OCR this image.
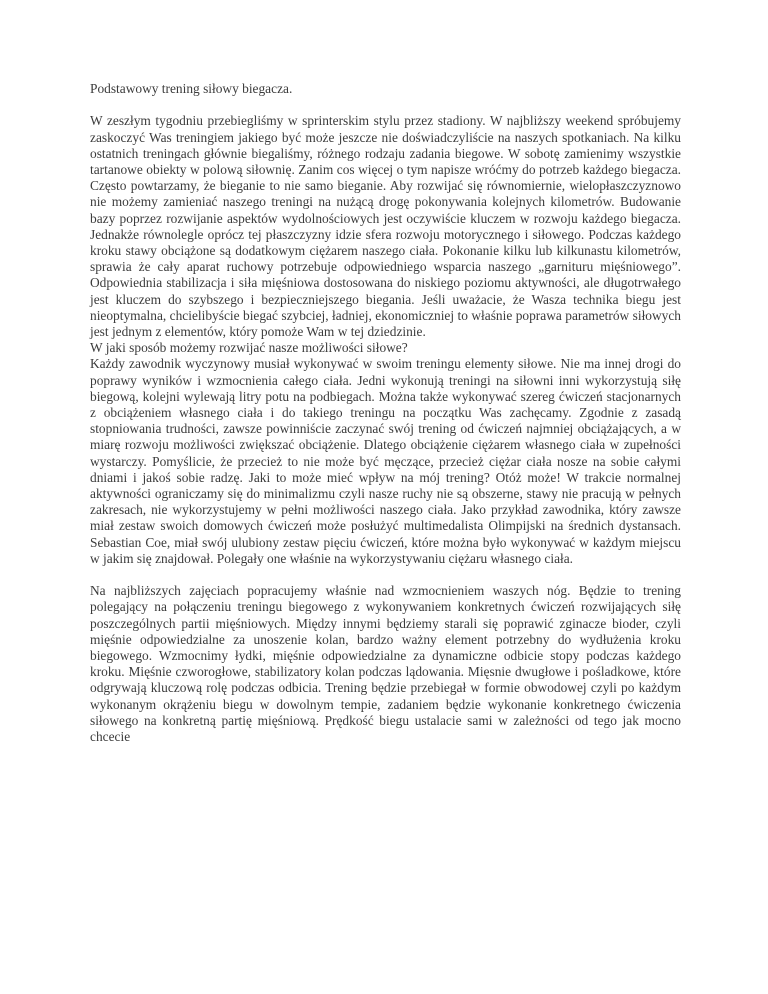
Podstawowy trening siłowy biegacza.

W zeszłym tygodniu przebiegliśmy w sprinterskim stylu przez stadiony. W najbliższy weekend spróbujemy zaskoczyć Was treningiem jakiego być może jeszcze nie doświadczyliście na naszych spotkaniach. Na kilku ostatnich treningach głównie biegaliśmy, różnego rodzaju zadania biegowe. W sobotę zamienimy wszystkie tartanowe obiekty w polową siłownię. Zanim cos więcej o tym napisze wróćmy do potrzeb każdego biegacza. Często powtarzamy, że bieganie to nie samo bieganie. Aby rozwijać się równomiernie, wielopłaszczyznowo nie możemy zamieniać naszego treningi na nużącą drogę pokonywania kolejnych kilometrów. Budowanie bazy poprzez rozwijanie aspektów wydolnościowych jest oczywiście kluczem w rozwoju każdego biegacza. Jednakże równolegle oprócz tej płaszczyzny idzie sfera rozwoju motorycznego i siłowego. Podczas każdego kroku stawy obciążone są dodatkowym ciężarem naszego ciała. Pokonanie kilku lub kilkunastu kilometrów, sprawia że cały aparat ruchowy potrzebuje odpowiedniego wsparcia naszego „garnituru mięśniowego”. Odpowiednia stabilizacja i siła mięśniowa dostosowana do niskiego poziomu aktywności, ale długotrwałego jest kluczem do szybszego i bezpieczniejszego biegania. Jeśli uważacie, że Wasza technika biegu jest nieoptymalna, chcielibyście biegać szybciej, ładniej, ekonomiczniej to właśnie poprawa parametrów siłowych jest jednym z elementów, który pomoże Wam w tej dziedzinie.

W jaki sposób możemy rozwijać nasze możliwości siłowe?

Każdy zawodnik wyczynowy musiał wykonywać w swoim treningu elementy siłowe. Nie ma innej drogi do poprawy wyników i wzmocnienia całego ciała. Jedni wykonują treningi na siłowni inni wykorzystują siłę biegową, kolejni wylewają litry potu na podbiegach. Można także wykonywać szereg ćwiczeń stacjonarnych z obciążeniem własnego ciała i do takiego treningu na początku Was zachęcamy. Zgodnie z zasadą stopniowania trudności, zawsze powinniście zaczynać swój trening od ćwiczeń najmniej obciążających, a w miarę rozwoju możliwości zwiększać obciążenie. Dlatego obciążenie ciężarem własnego ciała w zupełności wystarczy. Pomyślicie, że przecież to nie może być męczące, przecież ciężar ciała nosze na sobie całymi dniami i jakoś sobie radzę. Jaki to może mieć wpływ na mój trening? Otóż może! W trakcie normalnej aktywności ograniczamy się do minimalizmu czyli nasze ruchy nie są obszerne, stawy nie pracują w pełnych zakresach, nie wykorzystujemy w pełni możliwości naszego ciała. Jako przykład zawodnika, który zawsze miał zestaw swoich domowych ćwiczeń może posłużyć multimedalista Olimpijski na średnich dystansach. Sebastian Coe, miał swój ulubiony zestaw pięciu ćwiczeń, które można było wykonywać w każdym miejscu w jakim się znajdował. Polegały one właśnie na wykorzystywaniu ciężaru własnego ciała.

Na najbliższych zajęciach popracujemy właśnie nad wzmocnieniem waszych nóg. Będzie to trening polegający na połączeniu treningu biegowego z wykonywaniem konkretnych ćwiczeń rozwijających siłę poszczególnych partii mięśniowych. Między innymi będziemy starali się poprawić zginacze bioder, czyli mięśnie odpowiedzialne za unoszenie kolan, bardzo ważny element potrzebny do wydłużenia kroku biegowego. Wzmocnimy łydki, mięśnie odpowiedzialne za dynamiczne odbicie stopy podczas każdego kroku. Mięśnie czworogłowe, stabilizatory kolan podczas lądowania. Mięsnie dwugłowe i pośladkowe, które odgrywają kluczową rolę podczas odbicia. Trening będzie przebiegał w formie obwodowej czyli po każdym wykonanym okrążeniu biegu w dowolnym tempie, zadaniem będzie wykonanie konkretnego ćwiczenia siłowego na konkretną partię mięśniową. Prędkość biegu ustalacie sami w zależności od tego jak mocno chcecie
